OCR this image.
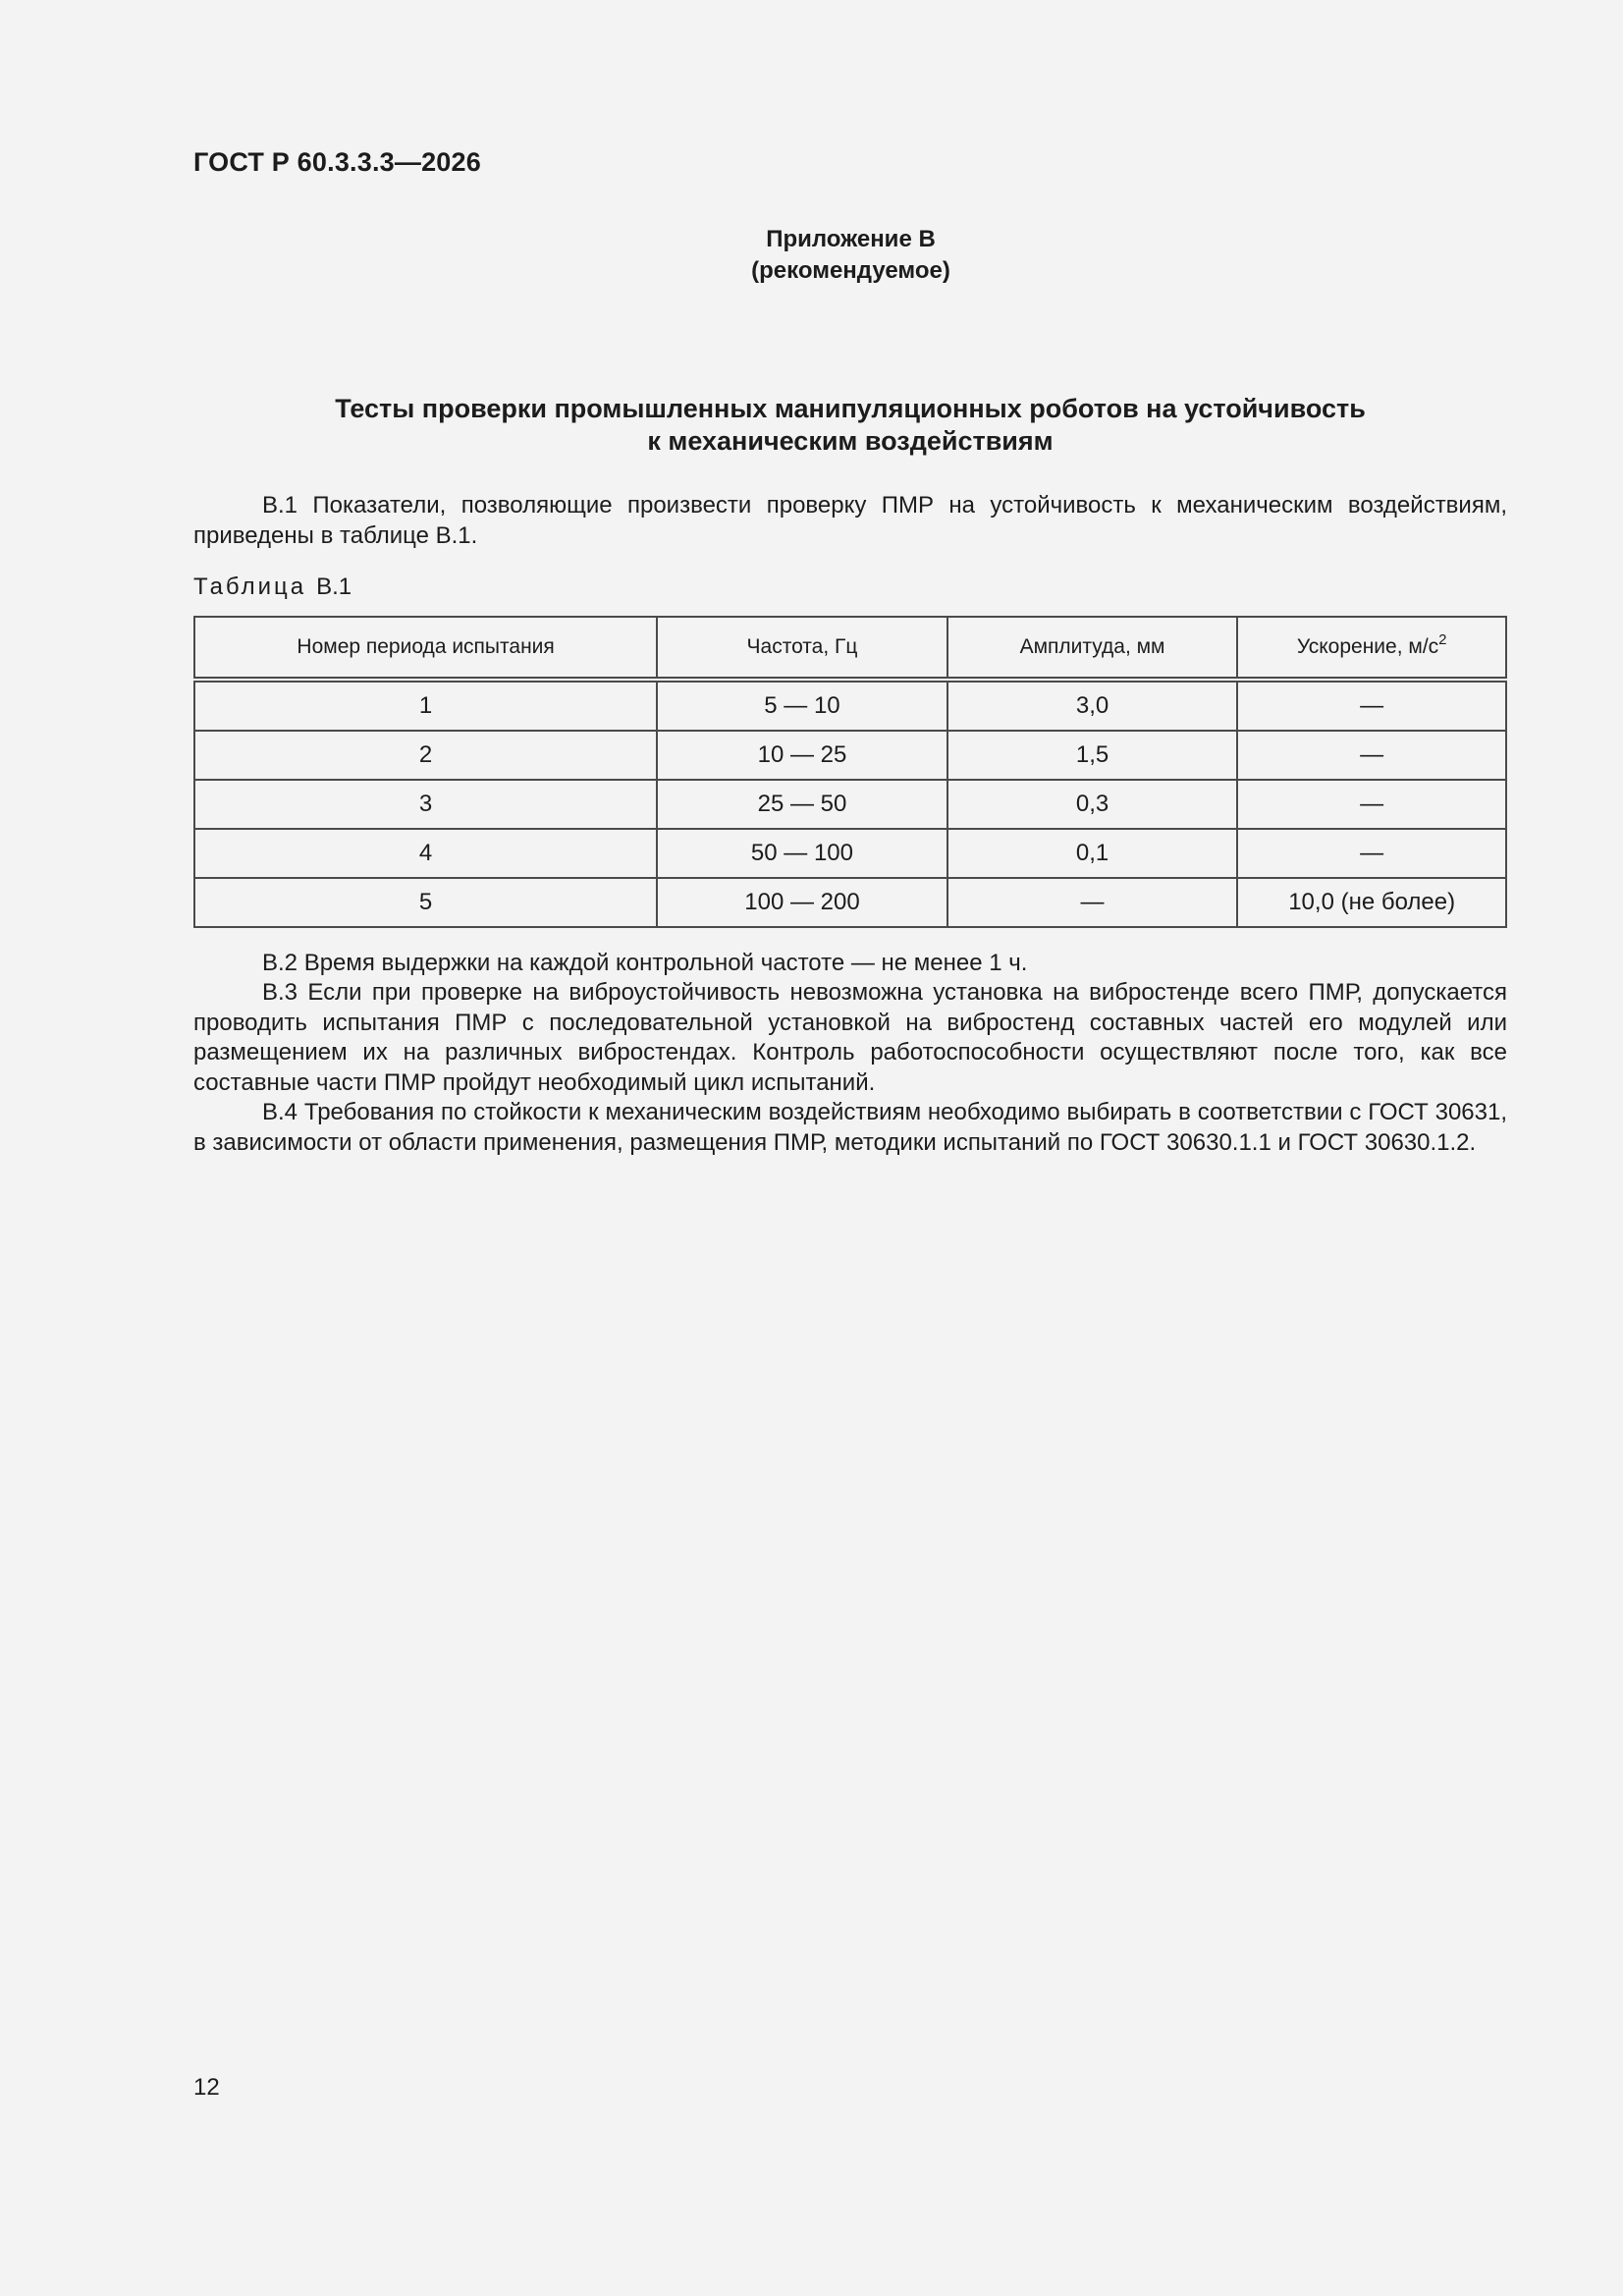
ГОСТ Р 60.3.3.3—2026
Приложение В
(рекомендуемое)
Тесты проверки промышленных манипуляционных роботов на устойчивость
к механическим воздействиям
В.1 Показатели, позволяющие произвести проверку ПМР на устойчивость к механическим воздействиям, приведены в таблице В.1.
Таблица В.1
Номер периода испытания	Частота, Гц	Амплитуда, мм	Ускорение, $м/с^2$
1	5 — 10	3,0	—
2	10 — 25	1,5	—
3	25 — 50	0,3	—
4	50 — 100	0,1	—
5	100 — 200	—	10,0 (не более)
В.2 Время выдержки на каждой контрольной частоте — не менее 1 ч.
В.3 Если при проверке на виброустойчивость невозможна установка на вибростенде всего ПМР, допускается проводить испытания ПМР с последовательной установкой на вибростенд составных частей его модулей или размещением их на различных вибростендах. Контроль работоспособности осуществляют после того, как все составные части ПМР пройдут необходимый цикл испытаний.
В.4 Требования по стойкости к механическим воздействиям необходимо выбирать в соответствии с ГОСТ 30631, в зависимости от области применения, размещения ПМР, методики испытаний по ГОСТ 30630.1.1 и ГОСТ 30630.1.2.
12
